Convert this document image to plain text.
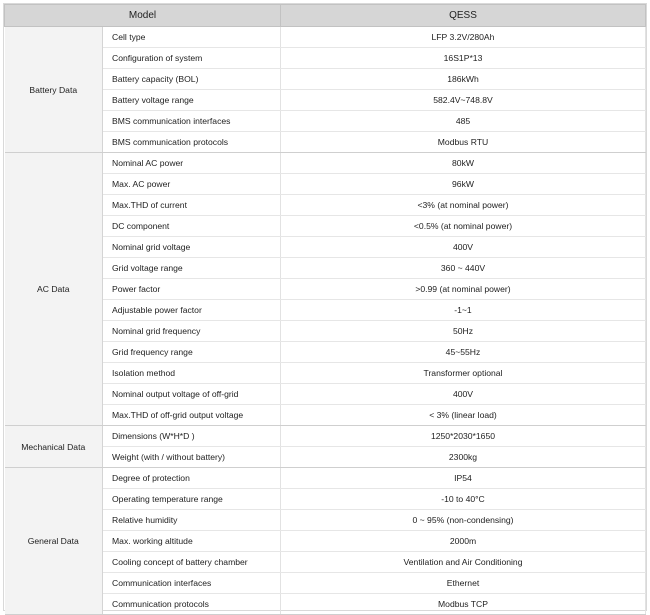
Model		QESS
Battery Data	Cell type	LFP 3.2V/280Ah
	Configuration of system	16S1P*13
	Battery capacity (BOL)	186kWh
	Battery voltage range	582.4V~748.8V
	BMS communication interfaces	485
	BMS communication protocols	Modbus RTU
AC Data	Nominal AC power	80kW
	Max. AC power	96kW
	Max.THD of current	<3% (at nominal power)
	DC component	<0.5% (at nominal power)
	Nominal grid voltage	400V
	Grid voltage range	360 ~ 440V
	Power factor	>0.99 (at nominal power)
	Adjustable power factor	-1~1
	Nominal grid frequency	50Hz
	Grid frequency range	45~55Hz
	Isolation method	Transformer optional
	Nominal output voltage of off-grid	400V
	Max.THD of off-grid output voltage	< 3% (linear load)
Mechanical Data	Dimensions (W*H*D )	1250*2030*1650
	Weight (with / without battery)	2300kg
General Data	Degree of protection	IP54
	Operating temperature range	-10 to 40°C
	Relative humidity	0 ~ 95% (non-condensing)
	Max. working altitude	2000m
	Cooling concept of battery chamber	Ventilation and Air Conditioning
	Communication interfaces	Ethernet
	Communication protocols	Modbus TCP
